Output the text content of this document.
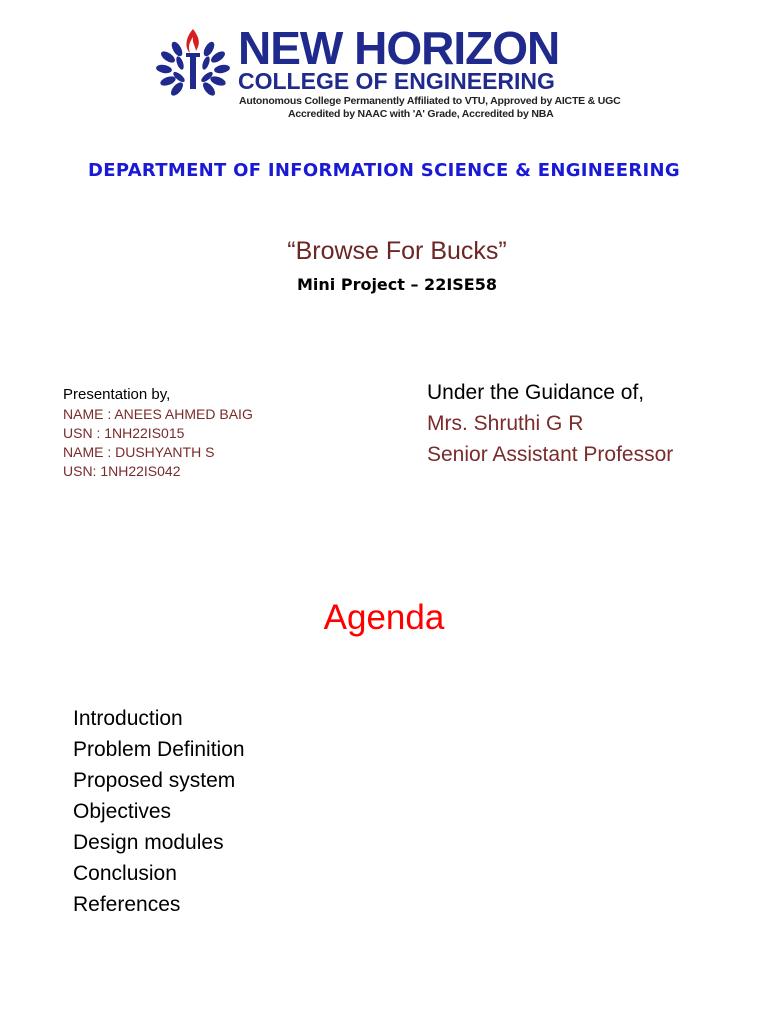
NEW HORIZON
COLLEGE OF ENGINEERING
Autonomous College Permanently Affiliated to VTU, Approved by AICTE & UGC
Accredited by NAAC with 'A' Grade, Accredited by NBA
DEPARTMENT OF INFORMATION SCIENCE & ENGINEERING
“Browse For Bucks”
Mini Project – 22ISE58
Presentation by,
NAME : ANEES AHMED BAIG
USN : 1NH22IS015
NAME : DUSHYANTH S
USN: 1NH22IS042
Under the Guidance of,
Mrs. Shruthi G R
Senior Assistant Professor
Agenda
Introduction
Problem Definition
Proposed system
Objectives
Design modules
Conclusion
References
